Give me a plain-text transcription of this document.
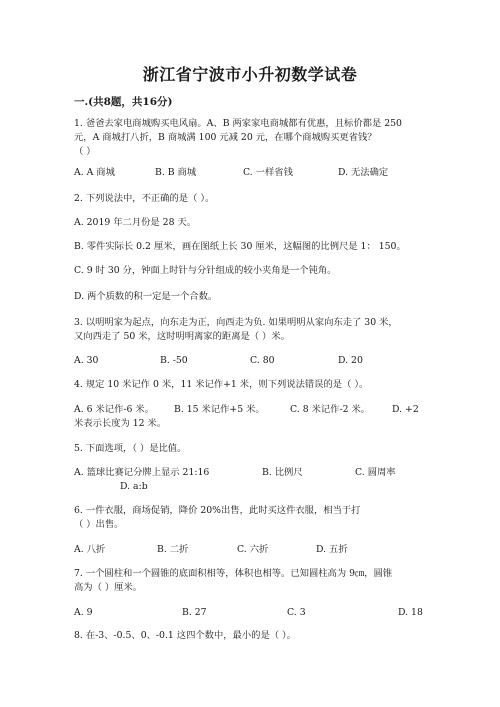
浙江省宁波市小升初数学试卷
一.(共8题，共16分)
1. 爸爸去家电商城购买电风扇。A、B 两家家电商城都有优惠，且标价都是 250
元，A 商城打八折，B 商城满 100 元减 20 元，在哪个商城购买更省钱？
（ ）
A. A 商城	B. B 商城	C. 一样省钱	D. 无法确定
2. 下列说法中，不正确的是（ ）。
A. 2019 年二月份是 28 天。
B. 零件实际长 0.2 厘米，画在图纸上长 30 厘米，这幅图的比例尺是 1： 150。
C. 9 时 30 分，钟面上时针与分针组成的较小夹角是一个钝角。
D. 两个质数的积一定是一个合数。
3. 以明明家为起点，向东走为正，向西走为负. 如果明明从家向东走了 30 米，
又向西走了 50 米，这时明明离家的距离是（ ）米。
A. 30	B. -50	C. 80	D. 20
4. 规定 10 米记作 0 米，11 米记作+1 米，则下列说法错误的是（ ）。
A. 6 米记作-6 米。 B. 15 米记作+5 米。	C. 8 米记作-2 米。 D. +2
米表示长度为 12 米。
5. 下面选项，（ ）是比值。
A. 篮球比赛记分牌上显示 21:16	B. 比例尺	C. 圆周率
D. a:b
6. 一件衣服，商场促销，降价 20%出售，此时买这件衣服，相当于打
（ ）出售。
A. 八折	B. 二折	C. 六折	D. 五折
7. 一个圆柱和一个圆锥的底面积相等，体积也相等。已知圆柱高为 9㎝，圆锥
高为（ ）厘米。
A. 9	B. 27	C. 3	D. 18
8. 在-3、-0.5、0、-0.1 这四个数中，最小的是（ ）。
